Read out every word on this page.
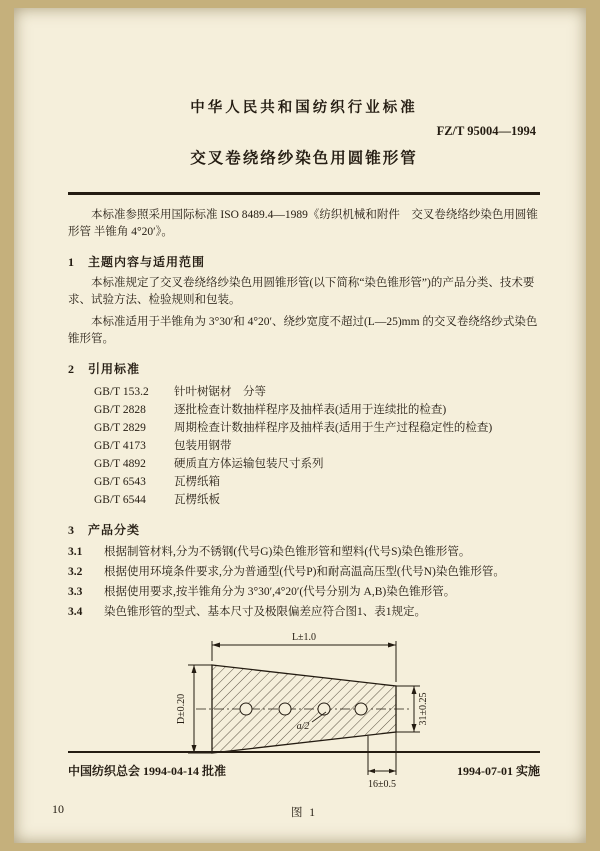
中华人民共和国纺织行业标准
FZ/T 95004—1994
交叉卷绕络纱染色用圆锥形管

本标准参照采用国际标准 ISO 8489.4—1989《纺织机械和附件　交叉卷绕络纱染色用圆锥形管 半锥角 4°20′》。

1　主题内容与适用范围

本标准规定了交叉卷绕络纱染色用圆锥形管(以下简称“染色锥形管”)的产品分类、技术要求、试验方法、检验规则和包装。

本标准适用于半锥角为 3°30′和 4°20′、绕纱宽度不超过(L—25)mm 的交叉卷绕络纱式染色锥形管。

2　引用标准
GB/T 153.2 针叶树锯材　分等
GB/T 2828 逐批检查计数抽样程序及抽样表(适用于连续批的检查)
GB/T 2829 周期检查计数抽样程序及抽样表(适用于生产过程稳定性的检查)
GB/T 4173 包装用钢带
GB/T 4892 硬质直方体运输包装尺寸系列
GB/T 6543 瓦楞纸箱
GB/T 6544 瓦楞纸板
3　产品分类
3.1	根据制管材料,分为不锈钢(代号G)染色锥形管和塑料(代号S)染色锥形管。
3.2	根据使用环境条件要求,分为普通型(代号P)和耐高温高压型(代号N)染色锥形管。
3.3	根据使用要求,按半锥角分为 3°30′,4°20′(代号分别为 A,B)染色锥形管。
3.4	染色锥形管的型式、基本尺寸及极限偏差应符合图1、表1规定。
L±1.0
D±0.20	31±0.25
a/2
16±0.5
图 1
中国纺织总会 1994-04-14 批准	1994-07-01 实施
10
